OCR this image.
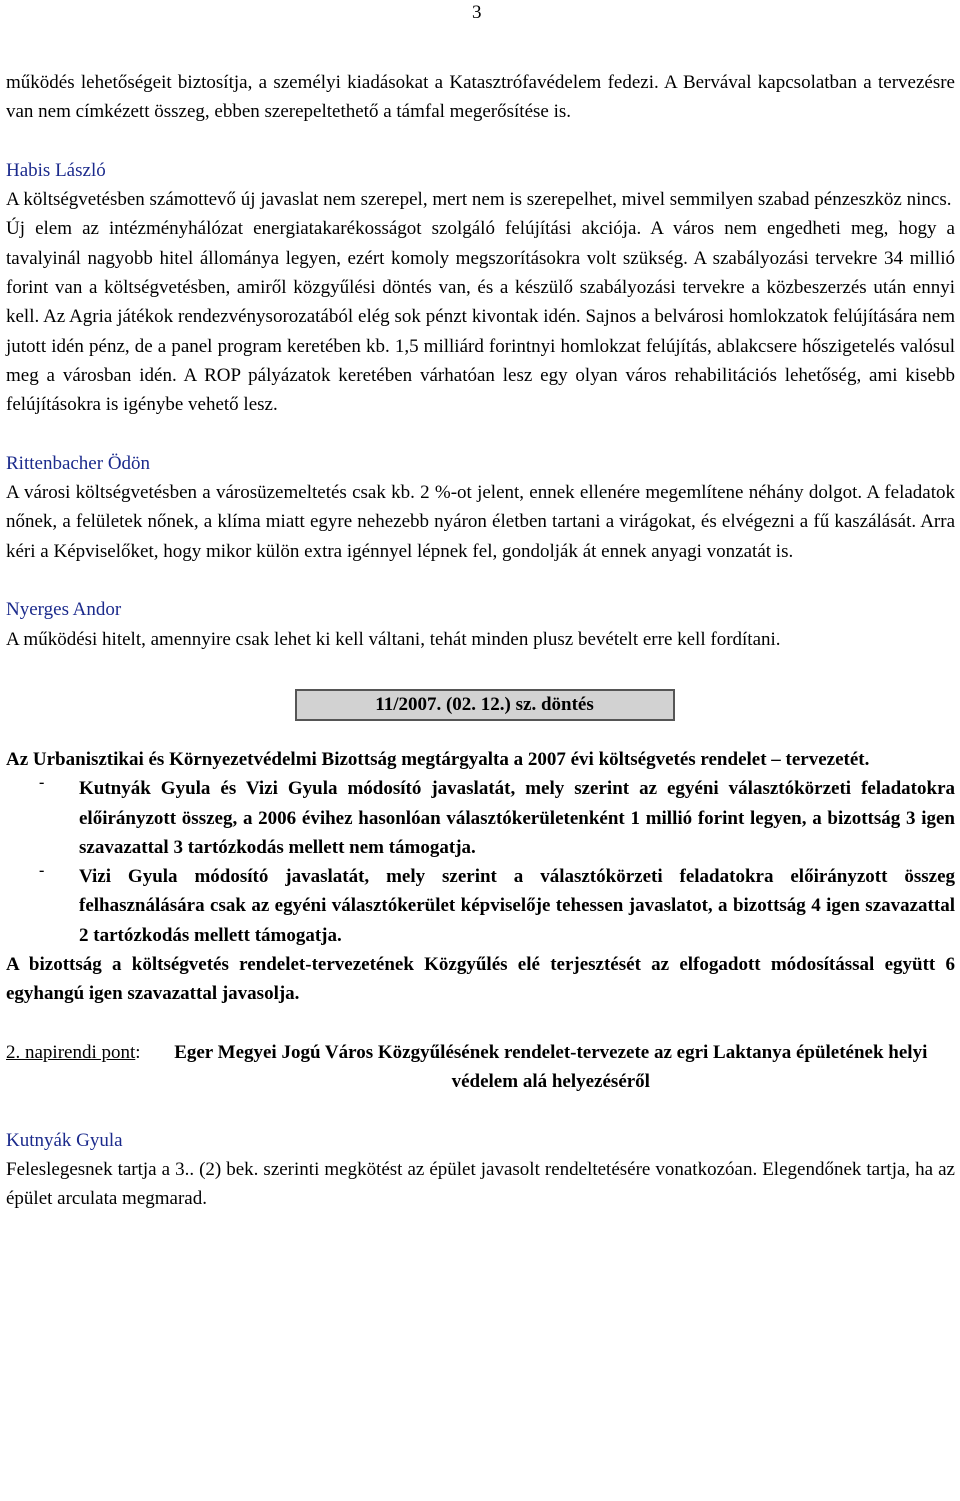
3

működés lehetőségeit biztosítja, a személyi kiadásokat a Katasztrófavédelem fedezi. A Bervával kapcsolatban a tervezésre van nem címkézett összeg, ebben szerepeltethető a támfal megerősítése is.

Habis László

A költségvetésben számottevő új javaslat nem szerepel, mert nem is szerepelhet, mivel semmilyen szabad pénzeszköz nincs.

Új elem az intézményhálózat energiatakarékosságot szolgáló felújítási akciója. A város nem engedheti meg, hogy a tavalyinál nagyobb hitel állománya legyen, ezért komoly megszorításokra volt szükség. A szabályozási tervekre 34 millió forint van a költségvetésben, amiről közgyűlési döntés van, és a készülő szabályozási tervekre a közbeszerzés után ennyi kell. Az Agria játékok rendezvénysorozatából elég sok pénzt kivontak idén. Sajnos a belvárosi homlokzatok felújítására nem jutott idén pénz, de a panel program keretében kb. 1,5 milliárd forintnyi homlokzat felújítás, ablakcsere hőszigetelés valósul meg a városban idén. A ROP pályázatok keretében várhatóan lesz egy olyan város rehabilitációs lehetőség, ami kisebb felújításokra is igénybe vehető lesz.

Rittenbacher Ödön

A városi költségvetésben a városüzemeltetés csak kb. 2 %-ot jelent, ennek ellenére megemlítene néhány dolgot. A feladatok nőnek, a felületek nőnek, a klíma miatt egyre nehezebb nyáron életben tartani a virágokat, és elvégezni a fű kaszálását. Arra kéri a Képviselőket, hogy mikor külön extra igénnyel lépnek fel, gondolják át ennek anyagi vonzatát is.

Nyerges Andor

A működési hitelt, amennyire csak lehet ki kell váltani, tehát minden plusz bevételt erre kell fordítani.

11/2007. (02. 12.) sz. döntés

Az Urbanisztikai és Környezetvédelmi Bizottság megtárgyalta a 2007 évi költségvetés rendelet – tervezetét.

- Kutnyák Gyula és Vizi Gyula módosító javaslatát, mely szerint az egyéni választókörzeti feladatokra előirányzott összeg, a 2006 évihez hasonlóan választókerületenként 1 millió forint legyen, a bizottság 3 igen szavazattal 3 tartózkodás mellett nem támogatja.

- Vizi Gyula módosító javaslatát, mely szerint a választókörzeti feladatokra előirányzott összeg felhasználására csak az egyéni választókerület képviselője tehessen javaslatot, a bizottság 4 igen szavazattal 2 tartózkodás mellett támogatja.

A bizottság a költségvetés rendelet-tervezetének Közgyűlés elé terjesztését az elfogadott módosítással együtt 6 egyhangú igen szavazattal javasolja.

2. napirendi pont:	Eger Megyei Jogú Város Közgyűlésének rendelet-tervezete az egri Laktanya épületének helyi védelem alá helyezéséről

Kutnyák Gyula

Feleslegesnek tartja a 3.. (2) bek. szerinti megkötést az épület javasolt rendeltetésére vonatkozóan. Elegendőnek tartja, ha az épület arculata megmarad.
